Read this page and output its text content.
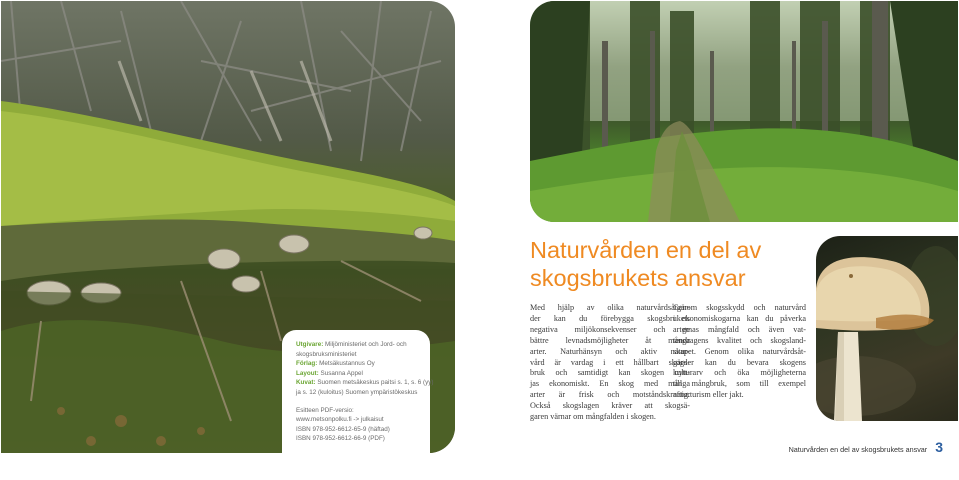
Utgivare: Miljöministeriet och Jord- och
skogsbruksministeriet
Förlag: Metsäkustannus Oy
Layout: Susanna Appel
Kuvat: Suomen metsäkeskus paitsi s. 1, s. 6 (yy)
ja s. 12 (kuloitus) Suomen ympäristökeskus
Esitteen PDF-versio:
www.metsonpolku.fi -> julkaisut
ISBN 978-952-6612-65-9 (häftad)
ISBN 978-952-6612-66-9 (PDF)
Naturvården en del av
skogsbrukets ansvar
Med hjälp av olika naturvårdsåtgär-
der kan du förebygga skogsbrukets
negativa miljökonsekvenser och ge
bättre levnadsmöjligheter åt många
arter. Naturhänsyn och aktiv natur-
vård är vardag i ett hållbart skogs-
bruk och samtidigt kan skogen nytt-
jas ekonomiskt. En skog med många
arter är frisk och motståndskraftig.
Också skogslagen kräver att skogsä-
garen värnar om mångfalden i skogen.
Genom skogsskydd och naturvård
i ekonomiskogarna kan du påverka
arternas mångfald och även vat-
tendragens kvalitet och skogsland-
skapet. Genom olika naturvårdsåt-
gärder kan du bevara skogens
kulturarv och öka möjligheterna
till mångbruk, som till exempel
naturturism eller jakt.
Naturvården en del av skogsbrukets ansvar 3
